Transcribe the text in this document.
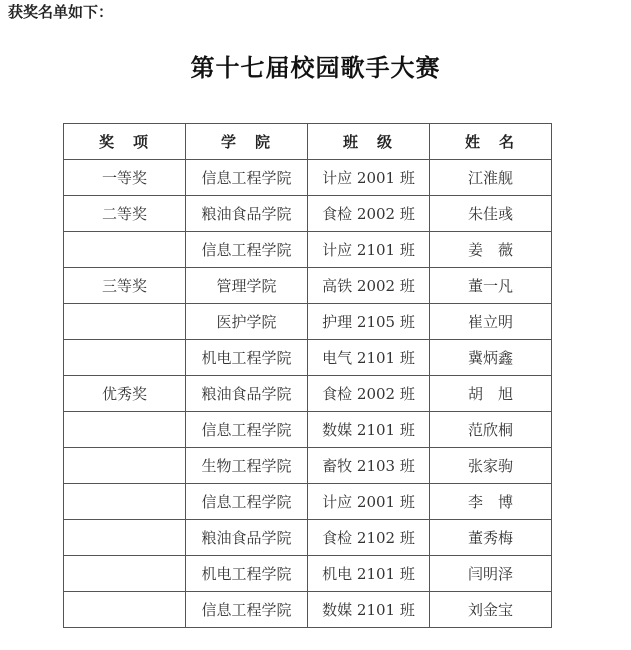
获奖名单如下：

第十七届校园歌手大赛
奖　项	学　院	班　级	姓　名
一等奖	信息工程学院	计应 2001 班	江淮舰
二等奖	粮油食品学院	食检 2002 班	朱佳彧
	信息工程学院	计应 2101 班	姜　薇
三等奖	管理学院	高铁 2002 班	董一凡
	医护学院	护理 2105 班	崔立明
	机电工程学院	电气 2101 班	冀炳鑫
优秀奖	粮油食品学院	食检 2002 班	胡　旭
	信息工程学院	数媒 2101 班	范欣桐
	生物工程学院	畜牧 2103 班	张家驹
	信息工程学院	计应 2001 班	李　博
	粮油食品学院	食检 2102 班	董秀梅
	机电工程学院	机电 2101 班	闫明泽
	信息工程学院	数媒 2101 班	刘金宝
